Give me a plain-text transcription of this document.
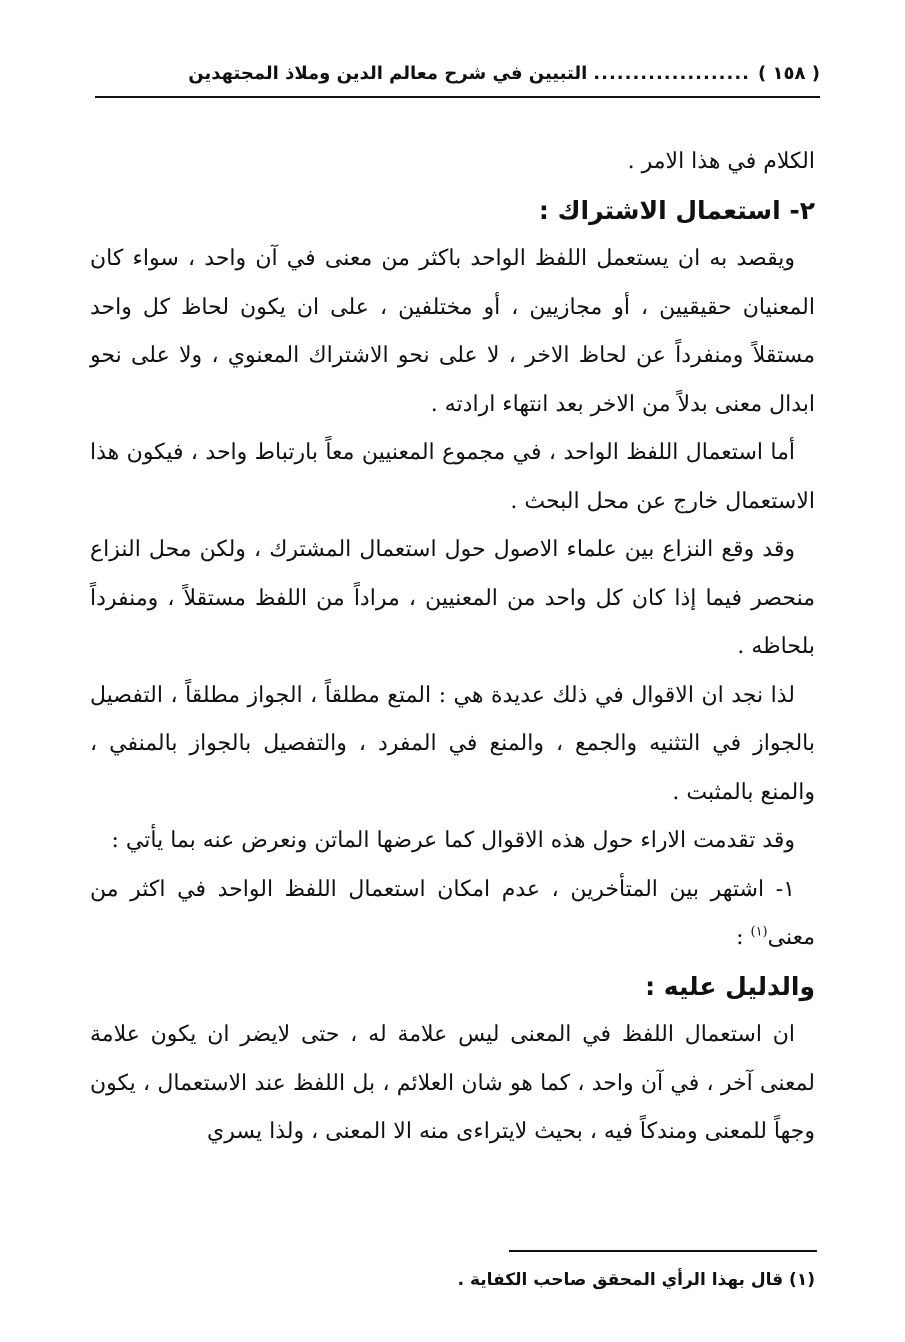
( ١٥٨ )
....................
التبيين في شرح معالم الدين وملاذ المجتهدين

الكلام في هذا الامر .

٢- استعمال الاشتراك :

ويقصد به ان يستعمل اللفظ الواحد باكثر من معنى في آن واحد ، سواء كان المعنيان حقيقيين ، أو مجازيين ، أو مختلفين ، على ان يكون لحاظ كل واحد مستقلاً ومنفرداً عن لحاظ الاخر ، لا على نحو الاشتراك المعنوي ، ولا على نحو ابدال معنى بدلاً من الاخر بعد انتهاء ارادته .

أما استعمال اللفظ الواحد ، في مجموع المعنيين معاً بارتباط واحد ، فيكون هذا الاستعمال خارج عن محل البحث .

وقد وقع النزاع بين علماء الاصول حول استعمال المشترك ، ولكن محل النزاع منحصر فيما إذا كان كل واحد من المعنيين ، مراداً من اللفظ مستقلاً ، ومنفرداً بلحاظه .

لذا نجد ان الاقوال في ذلك عديدة هي : المتع مطلقاً ، الجواز مطلقاً ، التفصيل بالجواز في التثنيه والجمع ، والمنع في المفرد ، والتفصيل بالجواز بالمنفي ، والمنع بالمثبت .

وقد تقدمت الاراء حول هذه الاقوال كما عرضها الماتن ونعرض عنه بما يأتي :

١- اشتهر بين المتأخرين ، عدم امكان استعمال اللفظ الواحد في اكثر من معنى$^{(١)}$ :

والدليل عليه :

ان استعمال اللفظ في المعنى ليس علامة له ، حتى لايضر ان يكون علامة لمعنى آخر ، في آن واحد ، كما هو شان العلائم ، بل اللفظ عند الاستعمال ، يكون وجهاً للمعنى ومندكاً فيه ، بحيث لايتراءى منه الا المعنى ، ولذا يسري

(١) قال بهذا الرأي المحقق صاحب الكفاية .
